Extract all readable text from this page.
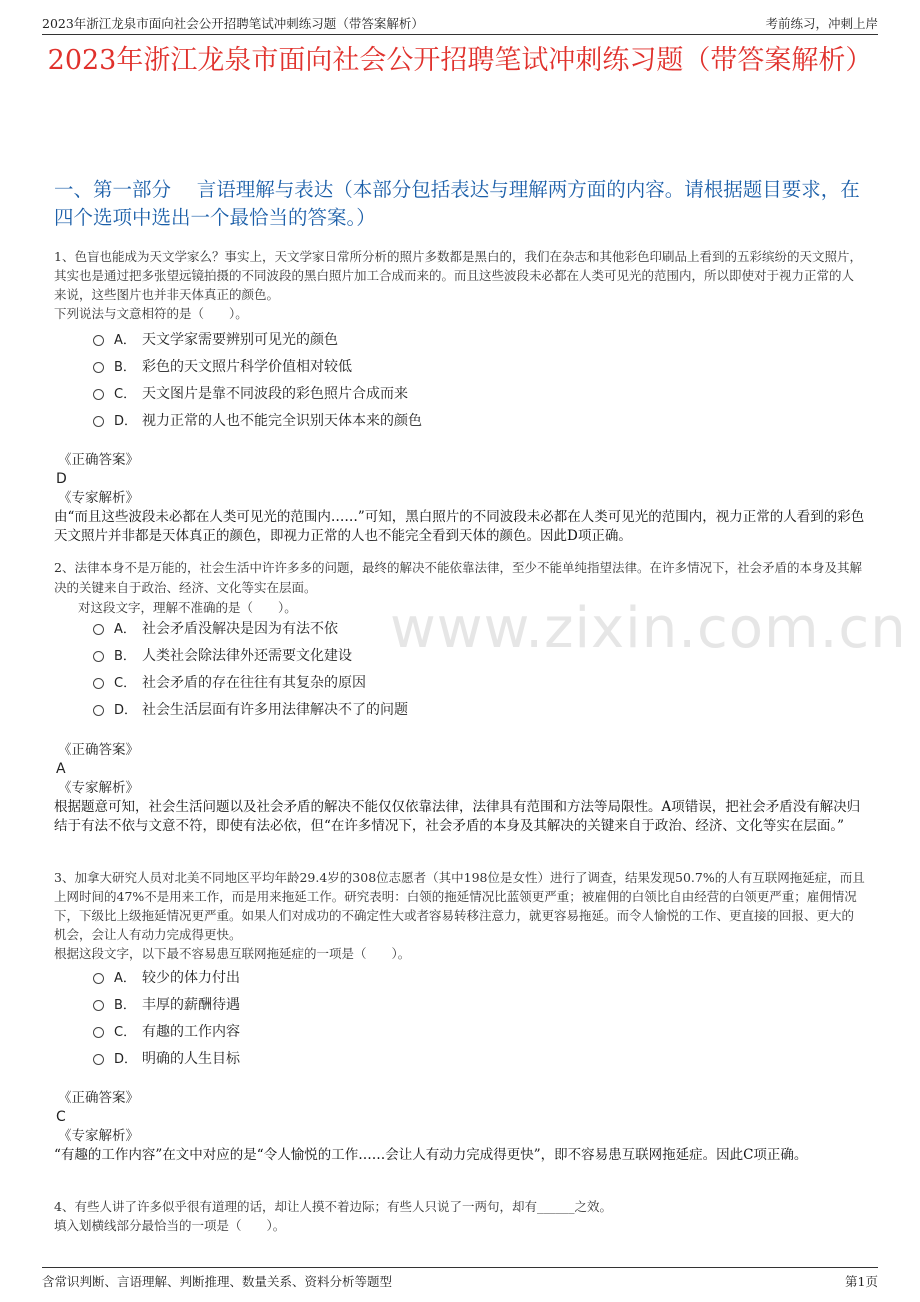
2023年浙江龙泉市面向社会公开招聘笔试冲刺练习题（带答案解析）	考前练习，冲刺上岸
2023年浙江龙泉市面向社会公开招聘笔试冲刺练习题（带答案解析）
一、第一部分　 言语理解与表达（本部分包括表达与理解两方面的内容。请根据题目要求，在四个选项中选出一个最恰当的答案。）
www.zixin.com.cn
1、色盲也能成为天文学家么？事实上，天文学家日常所分析的照片多数都是黑白的，我们在杂志和其他彩色印刷品上看到的五彩缤纷的天文照片，其实也是通过把多张望远镜拍摄的不同波段的黑白照片加工合成而来的。而且这些波段未必都在人类可见光的范围内，所以即使对于视力正常的人来说，这些图片也并非天体真正的颜色。
下列说法与文意相符的是（　　）。
A． 天文学家需要辨别可见光的颜色
B． 彩色的天文照片科学价值相对较低
C． 天文图片是靠不同波段的彩色照片合成而来
D． 视力正常的人也不能完全识别天体本来的颜色
《正确答案》
D
《专家解析》
由“而且这些波段未必都在人类可见光的范围内……”可知，黑白照片的不同波段未必都在人类可见光的范围内，视力正常的人看到的彩色天文照片并非都是天体真正的颜色，即视力正常的人也不能完全看到天体的颜色。因此D项正确。
2、法律本身不是万能的，社会生活中许许多多的问题，最终的解决不能依靠法律，至少不能单纯指望法律。在许多情况下，社会矛盾的本身及其解决的关键来自于政治、经济、文化等实在层面。
对这段文字，理解不准确的是（　　）。
A． 社会矛盾没解决是因为有法不依
B． 人类社会除法律外还需要文化建设
C． 社会矛盾的存在往往有其复杂的原因
D． 社会生活层面有许多用法律解决不了的问题
《正确答案》
A
《专家解析》
根据题意可知，社会生活问题以及社会矛盾的解决不能仅仅依靠法律，法律具有范围和方法等局限性。A项错误，把社会矛盾没有解决归结于有法不依与文意不符，即使有法必依，但“在许多情况下，社会矛盾的本身及其解决的关键来自于政治、经济、文化等实在层面。”
3、加拿大研究人员对北美不同地区平均年龄29.4岁的308位志愿者（其中198位是女性）进行了调查，结果发现50.7%的人有互联网拖延症，而且上网时间的47%不是用来工作，而是用来拖延工作。研究表明：白领的拖延情况比蓝领更严重；被雇佣的白领比自由经营的白领更严重；雇佣情况下，下级比上级拖延情况更严重。如果人们对成功的不确定性大或者容易转移注意力，就更容易拖延。而令人愉悦的工作、更直接的回报、更大的机会，会让人有动力完成得更快。
根据这段文字，以下最不容易患互联网拖延症的一项是（　　）。
A． 较少的体力付出
B． 丰厚的薪酬待遇
C． 有趣的工作内容
D． 明确的人生目标
《正确答案》
C
《专家解析》
“有趣的工作内容”在文中对应的是“令人愉悦的工作……会让人有动力完成得更快”，即不容易患互联网拖延症。因此C项正确。
4、有些人讲了许多似乎很有道理的话，却让人摸不着边际；有些人只说了一两句，却有______之效。
填入划横线部分最恰当的一项是（　　）。
含常识判断、言语理解、判断推理、数量关系、资料分析等题型	第1页
